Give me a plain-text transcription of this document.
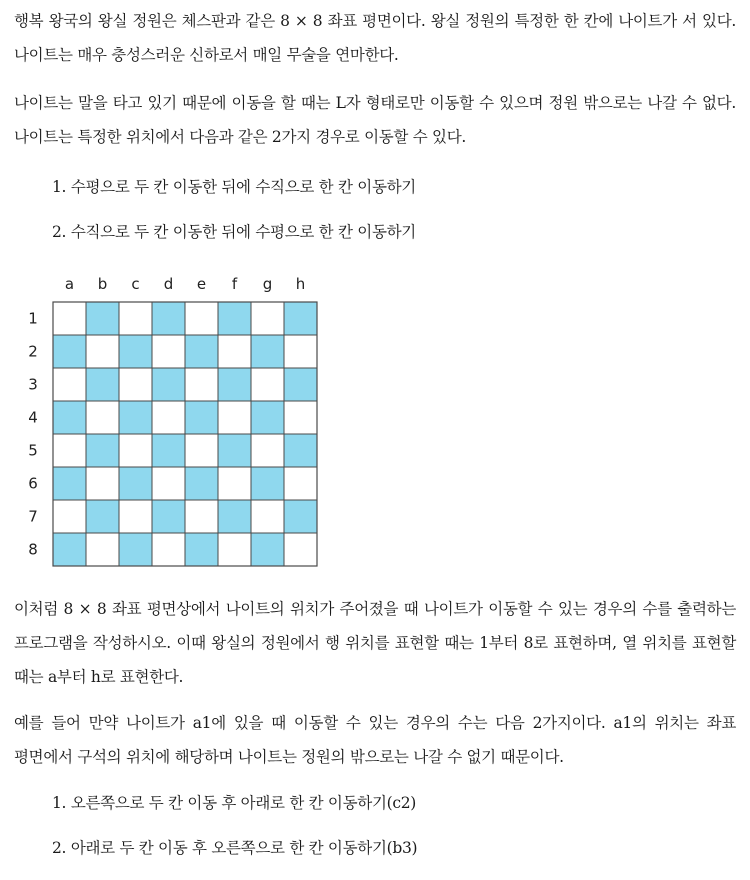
행복 왕국의 왕실 정원은 체스판과 같은 8 × 8 좌표 평면이다. 왕실 정원의 특정한 한 칸에 나이트가 서 있다. 나이트는 매우 충성스러운 신하로서 매일 무술을 연마한다.

나이트는 말을 타고 있기 때문에 이동을 할 때는 L자 형태로만 이동할 수 있으며 정원 밖으로는 나갈 수 없다. 나이트는 특정한 위치에서 다음과 같은 2가지 경우로 이동할 수 있다.

1. 수평으로 두 칸 이동한 뒤에 수직으로 한 칸 이동하기
2. 수직으로 두 칸 이동한 뒤에 수평으로 한 칸 이동하기
a b c d e f g h
1
2
3
4
5
6
7
8

이처럼 8 × 8 좌표 평면상에서 나이트의 위치가 주어졌을 때 나이트가 이동할 수 있는 경우의 수를 출력하는 프로그램을 작성하시오. 이때 왕실의 정원에서 행 위치를 표현할 때는 1부터 8로 표현하며, 열 위치를 표현할 때는 a부터 h로 표현한다.

예를 들어 만약 나이트가 a1에 있을 때 이동할 수 있는 경우의 수는 다음 2가지이다. a1의 위치는 좌표 평면에서 구석의 위치에 해당하며 나이트는 정원의 밖으로는 나갈 수 없기 때문이다.

1. 오른쪽으로 두 칸 이동 후 아래로 한 칸 이동하기(c2)
2. 아래로 두 칸 이동 후 오른쪽으로 한 칸 이동하기(b3)
